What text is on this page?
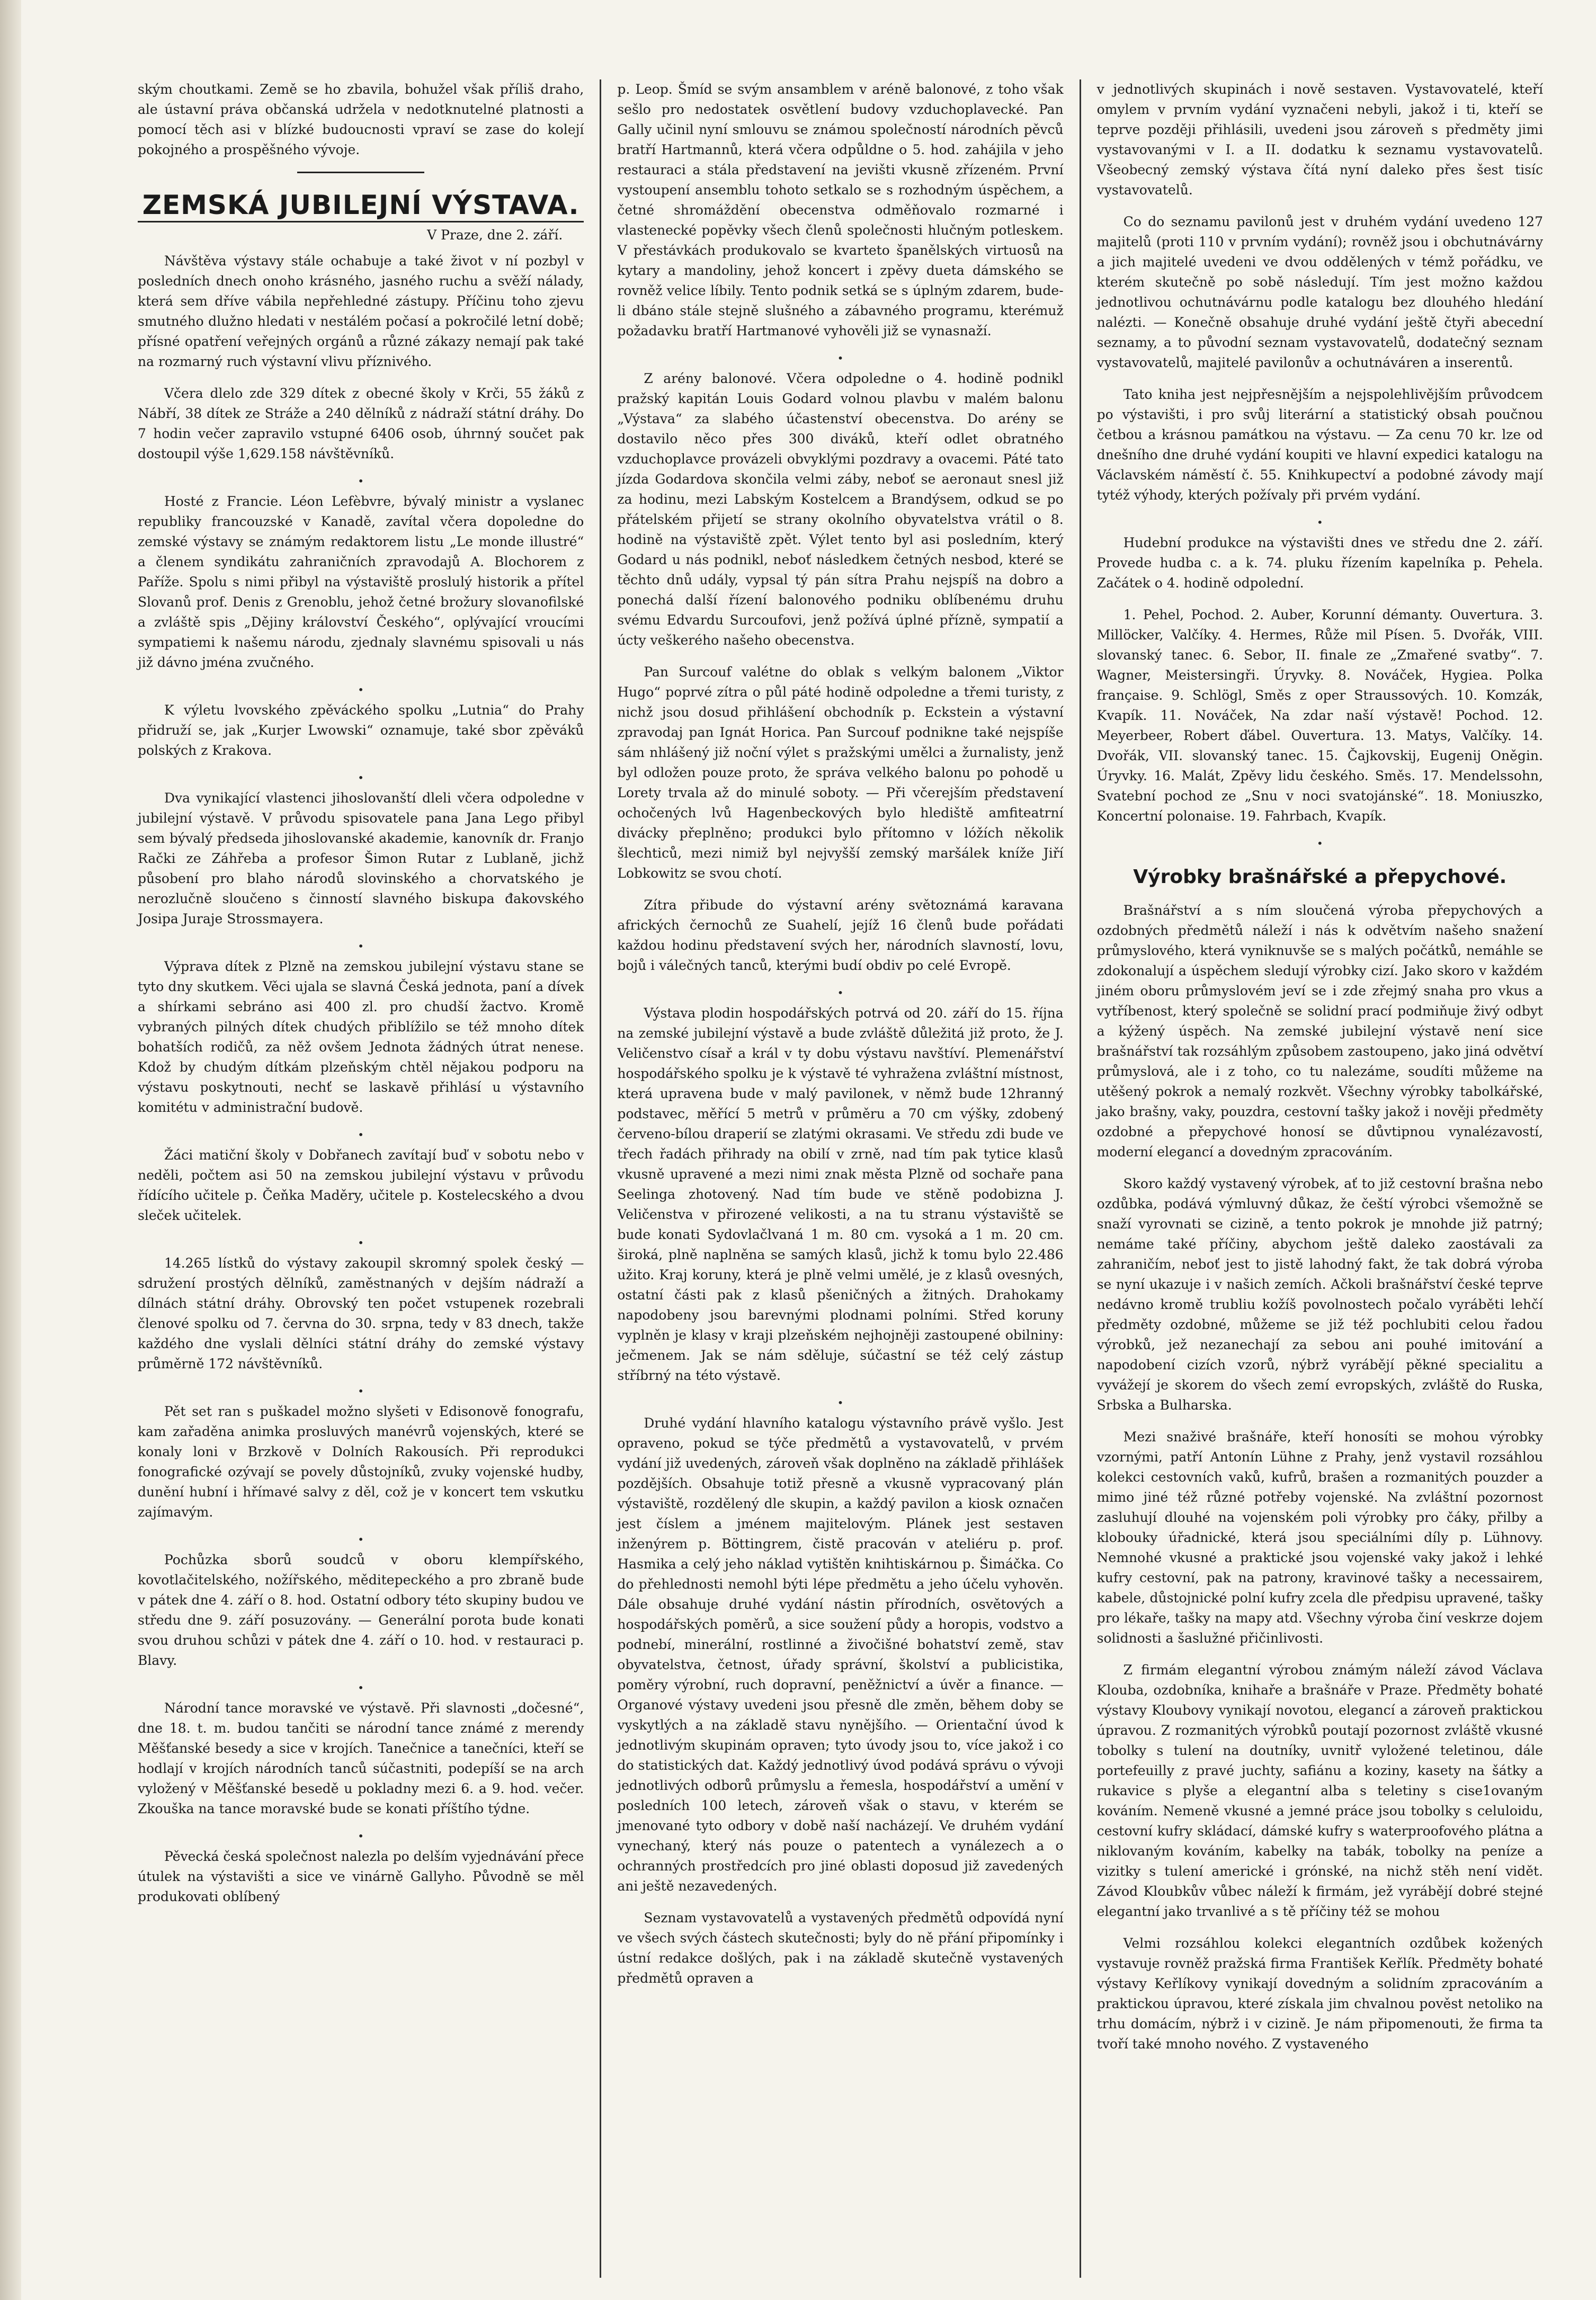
ským choutkami. Země se ho zbavila, bohužel však příliš draho, ale ústavní práva občanská udržela v nedotknutelné platnosti a pomocí těch asi v blízké budoucnosti vpraví se zase do kolejí pokojného a prospěšného vývoje.

ZEMSKÁ JUBILEJNÍ VÝSTAVA.
V Praze, dne 2. září.

Návštěva výstavy stále ochabuje a také život v ní pozbyl v posledních dnech onoho krásného, jasného ruchu a svěží nálady, která sem dříve vábila nepřehledné zástupy. Příčinu toho zjevu smutného dlužno hledati v nestálém počasí a pokročilé letní době; přísné opatření veřejných orgánů a různé zákazy nemají pak také na rozmarný ruch výstavní vlivu příznivého.

Včera dlelo zde 329 dítek z obecné školy v Krči, 55 žáků z Nábří, 38 dítek ze Stráže a 240 dělníků z nádraží státní dráhy. Do 7 hodin večer zapravilo vstupné 6406 osob, úhrnný součet pak dostoupil výše 1,629.158 návštěvníků.

•

Hosté z Francie. Léon Lefèbvre, bývalý ministr a vyslanec republiky francouzské v Kanadě, zavítal včera dopoledne do zemské výstavy se známým redaktorem listu „Le monde illustré“ a členem syndikátu zahraničních zpravodajů A. Blochorem z Paříže. Spolu s nimi přibyl na výstaviště proslulý historik a přítel Slovanů prof. Denis z Grenoblu, jehož četné brožury slovanofilské a zvláště spis „Dějiny království Českého“, oplývající vroucími sympatiemi k našemu národu, zjednaly slavnému spisovali u nás již dávno jména zvučného.

•

K výletu lvovského zpěváckého spolku „Lutnia“ do Prahy přidruží se, jak „Kurjer Lwowski“ oznamuje, také sbor zpěváků polských z Krakova.

•

Dva vynikající vlastenci jihoslovanští dleli včera odpoledne v jubilejní výstavě. V průvodu spisovatele pana Jana Lego přibyl sem bývalý předseda jihoslovanské akademie, kanovník dr. Franjo Rački ze Záhřeba a profesor Šimon Rutar z Lublaně, jichž působení pro blaho národů slovinského a chorvatského je nerozlučně sloučeno s činností slavného biskupa đakovského Josipa Juraje Strossmayera.

•

Výprava dítek z Plzně na zemskou jubilejní výstavu stane se tyto dny skutkem. Věci ujala se slavná Česká jednota, paní a dívek a shírkami sebráno asi 400 zl. pro chudší žactvo. Kromě vybraných pilných dítek chudých přiblížilo se též mnoho dítek bohatších rodičů, za něž ovšem Jednota žádných útrat nenese. Kdož by chudým dítkám plzeňským chtěl nějakou podporu na výstavu poskytnouti, nechť se laskavě přihlásí u výstavního komitétu v administrační budově.

•

Žáci matiční školy v Dobřanech zavítají buď v sobotu nebo v neděli, počtem asi 50 na zemskou jubilejní výstavu v průvodu řídícího učitele p. Čeňka Maděry, učitele p. Kostelecského a dvou sleček učitelek.

•

14.265 lístků do výstavy zakoupil skromný spolek český — sdružení prostých dělníků, zaměstnaných v dejším nádraží a dílnách státní dráhy. Obrovský ten počet vstupenek rozebrali členové spolku od 7. června do 30. srpna, tedy v 83 dnech, takže každého dne vyslali dělníci státní dráhy do zemské výstavy průměrně 172 návštěvníků.

•

Pět set ran s puškadel možno slyšeti v Edisonově fonografu, kam zařaděna animka prosluvých manévrů vojenských, které se konaly loni v Brzkově v Dolních Rakousích. Při reprodukci fonografické ozývají se povely důstojníků, zvuky vojenské hudby, dunění hubní i hřímavé salvy z děl, což je v koncert tem vskutku zajímavým.

•

Pochůzka sborů soudců v oboru klempířského, kovotlačitelského, nožířského, měditepeckého a pro zbraně bude v pátek dne 4. září o 8. hod. Ostatní odbory této skupiny budou ve středu dne 9. září posuzovány. — Generální porota bude konati svou druhou schůzi v pátek dne 4. září o 10. hod. v restauraci p. Blavy.

•

Národní tance moravské ve výstavě. Při slavnosti „dočesné“, dne 18. t. m. budou tančiti se národní tance známé z merendy Měšťanské besedy a sice v krojích. Tanečnice a tanečníci, kteří se hodlají v krojích národních tanců súčastniti, podepíší se na arch vyložený v Měšťanské besedě u pokladny mezi 6. a 9. hod. večer. Zkouška na tance moravské bude se konati příštího týdne.

•

Pěvecká česká společnost nalezla po delším vyjednávání přece útulek na výstavišti a sice ve vinárně Gallyho. Původně se měl produkovati oblíbený

p. Leop. Šmíd se svým ansamblem v aréně balonové, z toho však sešlo pro nedostatek osvětlení budovy vzduchoplavecké. Pan Gally učinil nyní smlouvu se známou společností národních pěvců bratří Hartmannů, která včera odpůldne o 5. hod. zahájila v jeho restauraci a stála představení na jevišti vkusně zřízeném. První vystoupení ansemblu tohoto setkalo se s rozhodným úspěchem, a četné shromáždění obecenstva odměňovalo rozmarné i vlastenecké popěvky všech členů společnosti hlučným potleskem. V přestávkách produkovalo se kvarteto španělských virtuosů na kytary a mandoliny, jehož koncert i zpěvy dueta dámského se rovněž velice líbily. Tento podnik setká se s úplným zdarem, bude-li dbáno stále stejně slušného a zábavného programu, kterémuž požadavku bratří Hartmanové vyhověli již se vynasnaží.

•

Z arény balonové. Včera odpoledne o 4. hodině podnikl pražský kapitán Louis Godard volnou plavbu v malém balonu „Výstava“ za slabého účastenství obecenstva. Do arény se dostavilo něco přes 300 diváků, kteří odlet obratného vzduchoplavce provázeli obvyklými pozdravy a ovacemi. Páté tato jízda Godardova skončila velmi záby, neboť se aeronaut snesl již za hodinu, mezi Labským Kostelcem a Brandýsem, odkud se po přátelském přijetí se strany okolního obyvatelstva vrátil o 8. hodině na výstaviště zpět. Výlet tento byl asi posledním, který Godard u nás podnikl, neboť následkem četných nesbod, které se těchto dnů udály, vypsal tý pán sítra Prahu nejspíš na dobro a ponechá další řízení balonového podniku oblíbenému druhu svému Edvardu Surcoufovi, jenž požívá úplné přízně, sympatií a úcty veškerého našeho obecenstva.

Pan Surcouf valétne do oblak s velkým balonem „Viktor Hugo“ poprvé zítra o půl páté hodině odpoledne a třemi turisty, z nichž jsou dosud přihlášení obchodník p. Eckstein a výstavní zpravodaj pan Ignát Horica. Pan Surcouf podnikne také nejspíše sám nhlášený již noční výlet s pražskými umělci a žurnalisty, jenž byl odložen pouze proto, že správa velkého balonu po pohodě u Lorety trvala až do minulé soboty. — Při včerejším představení ochočených lvů Hagenbeckových bylo hlediště amfiteatrní divácky přeplněno; produkci bylo přítomno v lóžích několik šlechticů, mezi nimiž byl nejvyšší zemský maršálek kníže Jiří Lobkowitz se svou chotí.

Zítra přibude do výstavní arény světoznámá karavana afrických černochů ze Suahelí, jejíž 16 členů bude pořádati každou hodinu představení svých her, národních slavností, lovu, bojů i válečných tanců, kterými budí obdiv po celé Evropě.

•

Výstava plodin hospodářských potrvá od 20. září do 15. října na zemské jubilejní výstavě a bude zvláště důležitá již proto, že J. Veličenstvo císař a král v ty dobu výstavu navštíví. Plemenářství hospodářského spolku je k výstavě té vyhražena zvláštní místnost, která upravena bude v malý pavilonek, v němž bude 12hranný podstavec, měřící 5 metrů v průměru a 70 cm výšky, zdobený červeno-bílou draperií se zlatými okrasami. Ve středu zdi bude ve třech řadách přihrady na obilí v zrně, nad tím pak tytice klasů vkusně upravené a mezi nimi znak města Plzně od sochaře pana Seelinga zhotovený. Nad tím bude ve stěně podobizna J. Veličenstva v přirozené velikosti, a na tu stranu výstaviště se bude konati Sydovlačlvaná 1 m. 80 cm. vysoká a 1 m. 20 cm. široká, plně naplněna se samých klasů, jichž k tomu bylo 22.486 užito. Kraj koruny, která je plně velmi umělé, je z klasů ovesných, ostatní části pak z klasů pšeničných a žitných. Drahokamy napodobeny jsou barevnými plodnami polními. Střed koruny vyplněn je klasy v kraji plzeňském nejhojněji zastoupené obilniny: ječmenem. Jak se nám sděluje, súčastní se též celý zástup stříbrný na této výstavě.

•

Druhé vydání hlavního katalogu výstavního právě vyšlo. Jest opraveno, pokud se týče předmětů a vystavovatelů, v prvém vydání již uvedených, zároveň však doplněno na základě přihlášek pozdějších. Obsahuje totiž přesně a vkusně vypracovaný plán výstaviště, rozdělený dle skupin, a každý pavilon a kiosk označen jest číslem a jménem majitelovým. Plánek jest sestaven inženýrem p. Böttingrem, čistě pracován v ateliéru p. prof. Hasmika a celý jeho náklad vytištěn knihtiskárnou p. Šimáčka. Co do přehlednosti nemohl býti lépe předmětu a jeho účelu vyhověn. Dále obsahuje druhé vydání nástin přírodních, osvětových a hospodářských poměrů, a sice soužení půdy a horopis, vodstvo a podnebí, minerální, rostlinné a živočišné bohatství země, stav obyvatelstva, četnost, úřady správní, školství a publicistika, poměry výrobní, ruch dopravní, peněžnictví a úvěr a finance. — Organové výstavy uvedeni jsou přesně dle změn, během doby se vyskytlých a na základě stavu nynějšího. — Orientační úvod k jednotlivým skupinám opraven; tyto úvody jsou to, více jakož i co do statistických dat. Každý jednotlivý úvod podává správu o vývoji jednotlivých odborů průmyslu a řemesla, hospodářství a umění v posledních 100 letech, zároveň však o stavu, v kterém se jmenované tyto odbory v době naší nacházejí. Ve druhém vydání vynechaný, který nás pouze o patentech a vynálezech a o ochranných prostředcích pro jiné oblasti doposud již zavedených ani ještě nezavedených.

Seznam vystavovatelů a vystavených předmětů odpovídá nyní ve všech svých částech skutečnosti; byly do ně přání připomínky i ústní redakce došlých, pak i na základě skutečně vystavených předmětů opraven a

v jednotlivých skupinách i nově sestaven. Vystavovatelé, kteří omylem v prvním vydání vyznačeni nebyli, jakož i ti, kteří se teprve později přihlásili, uvedeni jsou zároveň s předměty jimi vystavovanými v I. a II. dodatku k seznamu vystavovatelů. Všeobecný zemský výstava čítá nyní daleko přes šest tisíc vystavovatelů.

Co do seznamu pavilonů jest v druhém vydání uvedeno 127 majitelů (proti 110 v prvním vydání); rovněž jsou i obchutnávárny a jich majitelé uvedeni ve dvou oddělených v témž pořádku, ve kterém skutečně po sobě následují. Tím jest možno každou jednotlivou ochutnávárnu podle katalogu bez dlouhého hledání nalézti. — Konečně obsahuje druhé vydání ještě čtyři abecední seznamy, a to původní seznam vystavovatelů, dodatečný seznam vystavovatelů, majitelé pavilonův a ochutnáváren a inserentů.

Tato kniha jest nejpřesnějším a nejspolehlivějším průvodcem po výstavišti, i pro svůj literární a statistický obsah poučnou četbou a krásnou památkou na výstavu. — Za cenu 70 kr. lze od dnešního dne druhé vydání koupiti ve hlavní expedici katalogu na Václavském náměstí č. 55. Knihkupectví a podobné závody mají tytéž výhody, kterých požívaly při prvém vydání.

•

Hudební produkce na výstavišti dnes ve středu dne 2. září. Provede hudba c. a k. 74. pluku řízením kapelníka p. Pehela. Začátek o 4. hodině odpolední.

1. Pehel, Pochod. 2. Auber, Korunní démanty. Ouvertura. 3. Millöcker, Valčíky. 4. Hermes, Růže mil Písen. 5. Dvořák, VIII. slovanský tanec. 6. Sebor, II. finale ze „Zmařené svatby“. 7. Wagner, Meistersingři. Úryvky. 8. Nováček, Hygiea. Polka française. 9. Schlögl, Směs z oper Straussových. 10. Komzák, Kvapík. 11. Nováček, Na zdar naší výstavě! Pochod. 12. Meyerbeer, Robert ďábel. Ouvertura. 13. Matys, Valčíky. 14. Dvořák, VII. slovanský tanec. 15. Čajkovskij, Eugenij Oněgin. Úryvky. 16. Malát, Zpěvy lidu českého. Směs. 17. Mendelssohn, Svatební pochod ze „Snu v noci svatojánské“. 18. Moniuszko, Koncertní polonaise. 19. Fahrbach, Kvapík.

•
Výrobky brašnářské a přepychové.

Brašnářství a s ním sloučená výroba přepychových a ozdobných předmětů náleží i nás k odvětvím našeho snažení průmyslového, která vyniknuvše se s malých počátků, nemáhle se zdokonalují a úspěchem sledují výrobky cizí. Jako skoro v každém jiném oboru průmyslovém jeví se i zde zřejmý snaha pro vkus a vytříbenost, který společně se solidní prací podmiňuje živý odbyt a kýžený úspěch. Na zemské jubilejní výstavě není sice brašnářství tak rozsáhlým způsobem zastoupeno, jako jiná odvětví průmyslová, ale i z toho, co tu nalezáme, soudíti můžeme na utěšený pokrok a nemalý rozkvět. Všechny výrobky tabolkářské, jako brašny, vaky, pouzdra, cestovní tašky jakož i nověji předměty ozdobné a přepychové honosí se důvtipnou vynalézavostí, moderní elegancí a dovedným zpracováním.

Skoro každý vystavený výrobek, ať to již cestovní brašna nebo ozdůbka, podává výmluvný důkaz, že čeští výrobci všemožně se snaží vyrovnati se cizině, a tento pokrok je mnohde již patrný; nemáme také příčiny, abychom ještě daleko zaostávali za zahraničím, neboť jest to jistě lahodný fakt, že tak dobrá výroba se nyní ukazuje i v našich zemích. Ačkoli brašnářství české teprve nedávno kromě trubliu kožíš povolnostech počalo vyráběti lehčí předměty ozdobné, můžeme se již též pochlubiti celou řadou výrobků, jež nezanechají za sebou ani pouhé imitování a napodobení cizích vzorů, nýbrž vyrábějí pěkné specialitu a vyvážejí je skorem do všech zemí evropských, zvláště do Ruska, Srbska a Bulharska.

Mezi snaživé brašnáře, kteří honosíti se mohou výrobky vzornými, patří Antonín Lühne z Prahy, jenž vystavil rozsáhlou kolekci cestovních vaků, kufrů, brašen a rozmanitých pouzder a mimo jiné též různé potřeby vojenské. Na zvláštní pozornost zasluhují dlouhé na vojenském poli výrobky pro čáky, přilby a klobouky úřadnické, která jsou speciálními díly p. Lühnovy. Nemnohé vkusné a praktické jsou vojenské vaky jakož i lehké kufry cestovní, pak na patrony, kravinové tašky a necessairem, kabele, důstojnické polní kufry zcela dle předpisu upravené, tašky pro lékaře, tašky na mapy atd. Všechny výroba činí veskrze dojem solidnosti a šaslužné přičinlivosti.

Z firmám elegantní výrobou známým náleží závod Václava Klouba, ozdobníka, knihaře a brašnáře v Praze. Předměty bohaté výstavy Kloubovy vynikají novotou, elegancí a zároveň praktickou úpravou. Z rozmanitých výrobků poutají pozornost zvláště vkusné tobolky s tulení na doutníky, uvnitř vyložené teletinou, dále portefeuilly z pravé juchty, safiánu a koziny, kasety na šátky a rukavice s plyše a elegantní alba s teletiny s cise1ovaným kováním. Nemeně vkusné a jemné práce jsou tobolky s celuloidu, cestovní kufry skládací, dámské kufry s waterproofového plátna a niklovaným kováním, kabelky na tabák, tobolky na peníze a vizitky s tulení americké i grónské, na nichž stěh není vidět. Závod Kloubkův vůbec náleží k firmám, jež vyrábějí dobré stejné elegantní jako trvanlivé a s tě příčiny též se mohou

Velmi rozsáhlou kolekci elegantních ozdůbek kožených vystavuje rovněž pražská firma František Keřlík. Předměty bohaté výstavy Keřlíkovy vynikají dovedným a solidním zpracováním a praktickou úpravou, které získala jim chvalnou pověst netoliko na trhu domácím, nýbrž i v cizině. Je nám připomenouti, že firma ta tvoří také mnoho nového. Z vystaveného
